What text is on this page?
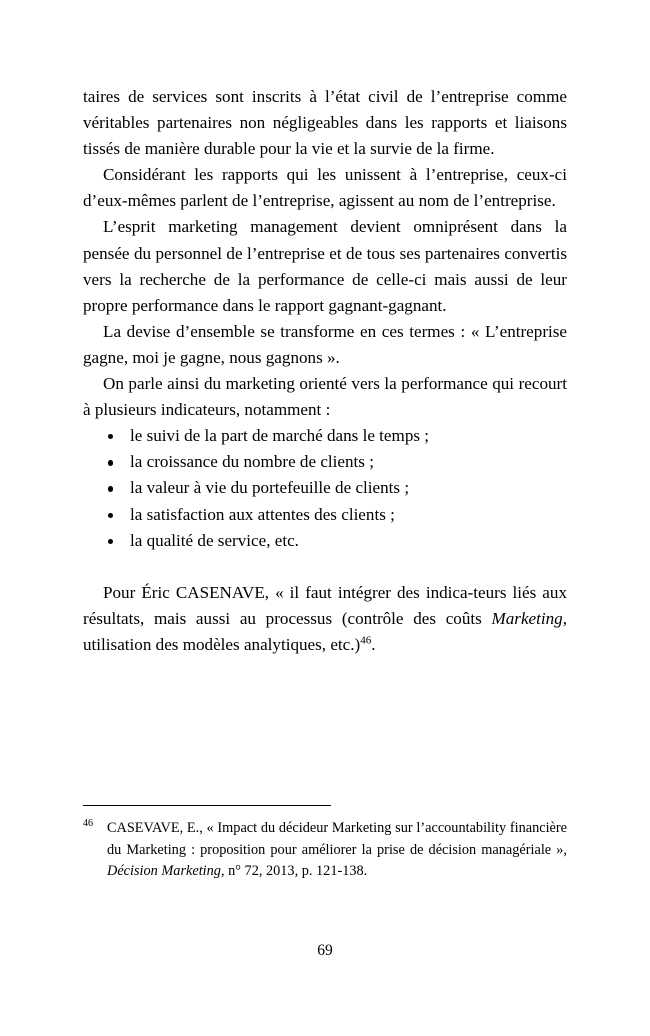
taires de services sont inscrits à l’état civil de l’entreprise comme véritables partenaires non négligeables dans les rapports et liaisons tissés de manière durable pour la vie et la survie de la firme.

Considérant les rapports qui les unissent à l’entreprise, ceux-ci d’eux-mêmes parlent de l’entreprise, agissent au nom de l’entreprise.

L’esprit marketing management devient omniprésent dans la pensée du personnel de l’entreprise et de tous ses partenaires convertis vers la recherche de la performance de celle-ci mais aussi de leur propre performance dans le rapport gagnant-gagnant.

La devise d’ensemble se transforme en ces termes : « L’entreprise gagne, moi je gagne, nous gagnons ».

On parle ainsi du marketing orienté vers la performance qui recourt à plusieurs indicateurs, notamment :

le suivi de la part de marché dans le temps ;
la croissance du nombre de clients ;
la valeur à vie du portefeuille de clients ;
la satisfaction aux attentes des clients ;
la qualité de service, etc.

Pour Éric CASENAVE, « il faut intégrer des indica-teurs liés aux résultats, mais aussi au processus (contrôle des coûts Marketing, utilisation des modèles analytiques, etc.)$^{46}$.

$^{46}$ CASEVAVE, E., « Impact du décideur Marketing sur l’accountability financière du Marketing : proposition pour améliorer la prise de décision managériale », Décision Marketing, n° 72, 2013, p. 121-138.

69
